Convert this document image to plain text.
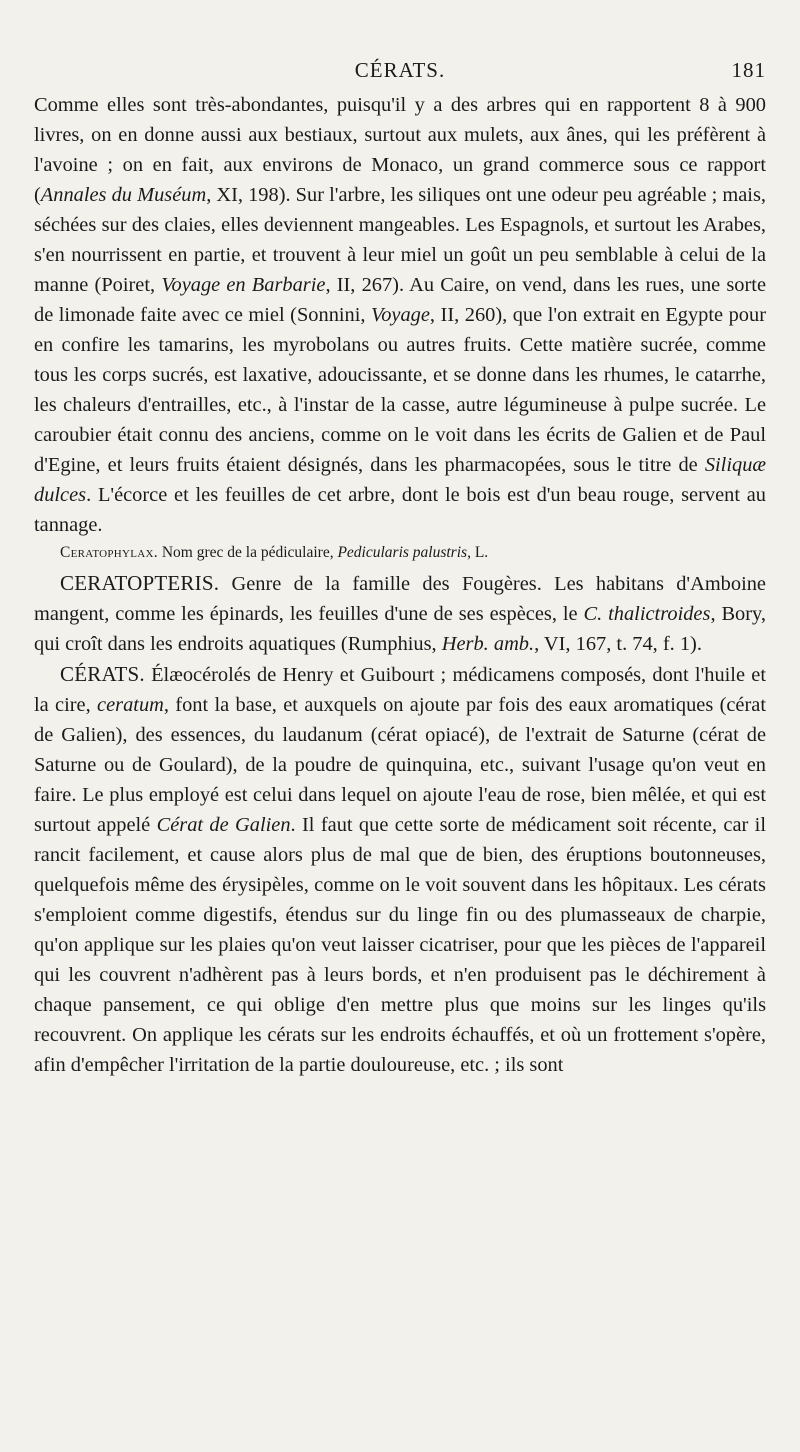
CÉRATS.	181

Comme elles sont très-abondantes, puisqu'il y a des arbres qui en rapportent 8 à 900 livres, on en donne aussi aux bestiaux, surtout aux mulets, aux ânes, qui les préfèrent à l'avoine ; on en fait, aux environs de Monaco, un grand commerce sous ce rapport (Annales du Muséum, XI, 198). Sur l'arbre, les siliques ont une odeur peu agréable ; mais, séchées sur des claies, elles deviennent mangeables. Les Espagnols, et surtout les Arabes, s'en nourrissent en partie, et trouvent à leur miel un goût un peu semblable à celui de la manne (Poiret, Voyage en Barbarie, II, 267). Au Caire, on vend, dans les rues, une sorte de limonade faite avec ce miel (Sonnini, Voyage, II, 260), que l'on extrait en Egypte pour en confire les tamarins, les myrobolans ou autres fruits. Cette matière sucrée, comme tous les corps sucrés, est laxative, adoucissante, et se donne dans les rhumes, le catarrhe, les chaleurs d'entrailles, etc., à l'instar de la casse, autre légumineuse à pulpe sucrée. Le caroubier était connu des anciens, comme on le voit dans les écrits de Galien et de Paul d'Egine, et leurs fruits étaient désignés, dans les pharmacopées, sous le titre de Siliquæ dulces. L'écorce et les feuilles de cet arbre, dont le bois est d'un beau rouge, servent au tannage.

Ceratophylax. Nom grec de la pédiculaire, Pedicularis palustris, L.

CERATOPTERIS. Genre de la famille des Fougères. Les habitans d'Amboine mangent, comme les épinards, les feuilles d'une de ses espèces, le C. thalictroides, Bory, qui croît dans les endroits aquatiques (Rumphius, Herb. amb., VI, 167, t. 74, f. 1).

CÉRATS. Élæocérolés de Henry et Guibourt ; médicamens composés, dont l'huile et la cire, ceratum, font la base, et auxquels on ajoute par fois des eaux aromatiques (cérat de Galien), des essences, du laudanum (cérat opiacé), de l'extrait de Saturne (cérat de Saturne ou de Goulard), de la poudre de quinquina, etc., suivant l'usage qu'on veut en faire. Le plus employé est celui dans lequel on ajoute l'eau de rose, bien mêlée, et qui est surtout appelé Cérat de Galien. Il faut que cette sorte de médicament soit récente, car il rancit facilement, et cause alors plus de mal que de bien, des éruptions boutonneuses, quelquefois même des érysipèles, comme on le voit souvent dans les hôpitaux. Les cérats s'emploient comme digestifs, étendus sur du linge fin ou des plumasseaux de charpie, qu'on applique sur les plaies qu'on veut laisser cicatriser, pour que les pièces de l'appareil qui les couvrent n'adhèrent pas à leurs bords, et n'en produisent pas le déchirement à chaque pansement, ce qui oblige d'en mettre plus que moins sur les linges qu'ils recouvrent. On applique les cérats sur les endroits échauffés, et où un frottement s'opère, afin d'empêcher l'irritation de la partie douloureuse, etc. ; ils sont
